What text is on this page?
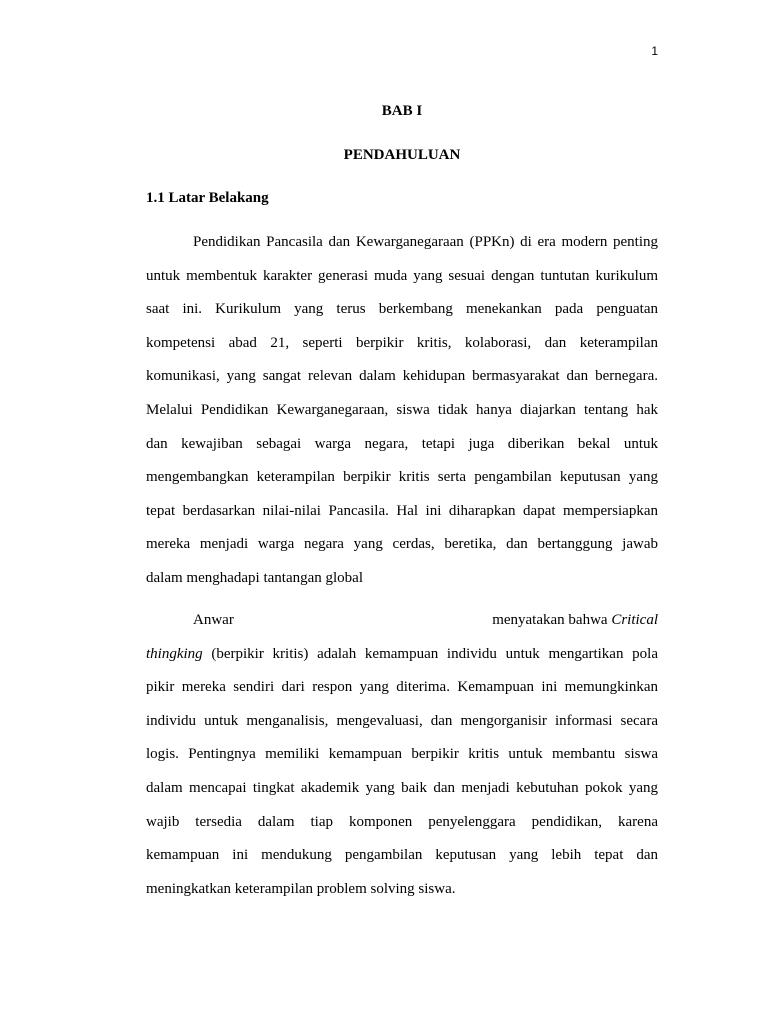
1
BAB I
PENDAHULUAN
1.1 Latar Belakang
Pendidikan Pancasila dan Kewarganegaraan (PPKn) di era modern penting
untuk membentuk karakter generasi muda yang sesuai dengan tuntutan kurikulum
saat ini. Kurikulum yang terus berkembang menekankan pada penguatan
kompetensi abad 21, seperti berpikir kritis, kolaborasi, dan keterampilan
komunikasi, yang sangat relevan dalam kehidupan bermasyarakat dan bernegara.
Melalui Pendidikan Kewarganegaraan, siswa tidak hanya diajarkan tentang hak
dan kewajiban sebagai warga negara, tetapi juga diberikan bekal untuk
mengembangkan keterampilan berpikir kritis serta pengambilan keputusan yang
tepat berdasarkan nilai-nilai Pancasila. Hal ini diharapkan dapat mempersiapkan
mereka menjadi warga negara yang cerdas, beretika, dan bertanggung jawab
dalam menghadapi tantangan global
Anwar	menyatakan bahwa Critical
thingking (berpikir kritis) adalah kemampuan individu untuk mengartikan pola
pikir mereka sendiri dari respon yang diterima. Kemampuan ini memungkinkan
individu untuk menganalisis, mengevaluasi, dan mengorganisir informasi secara
logis. Pentingnya memiliki kemampuan berpikir kritis untuk membantu siswa
dalam mencapai tingkat akademik yang baik dan menjadi kebutuhan pokok yang
wajib tersedia dalam tiap komponen penyelenggara pendidikan, karena
kemampuan ini mendukung pengambilan keputusan yang lebih tepat dan
meningkatkan keterampilan problem solving siswa.
